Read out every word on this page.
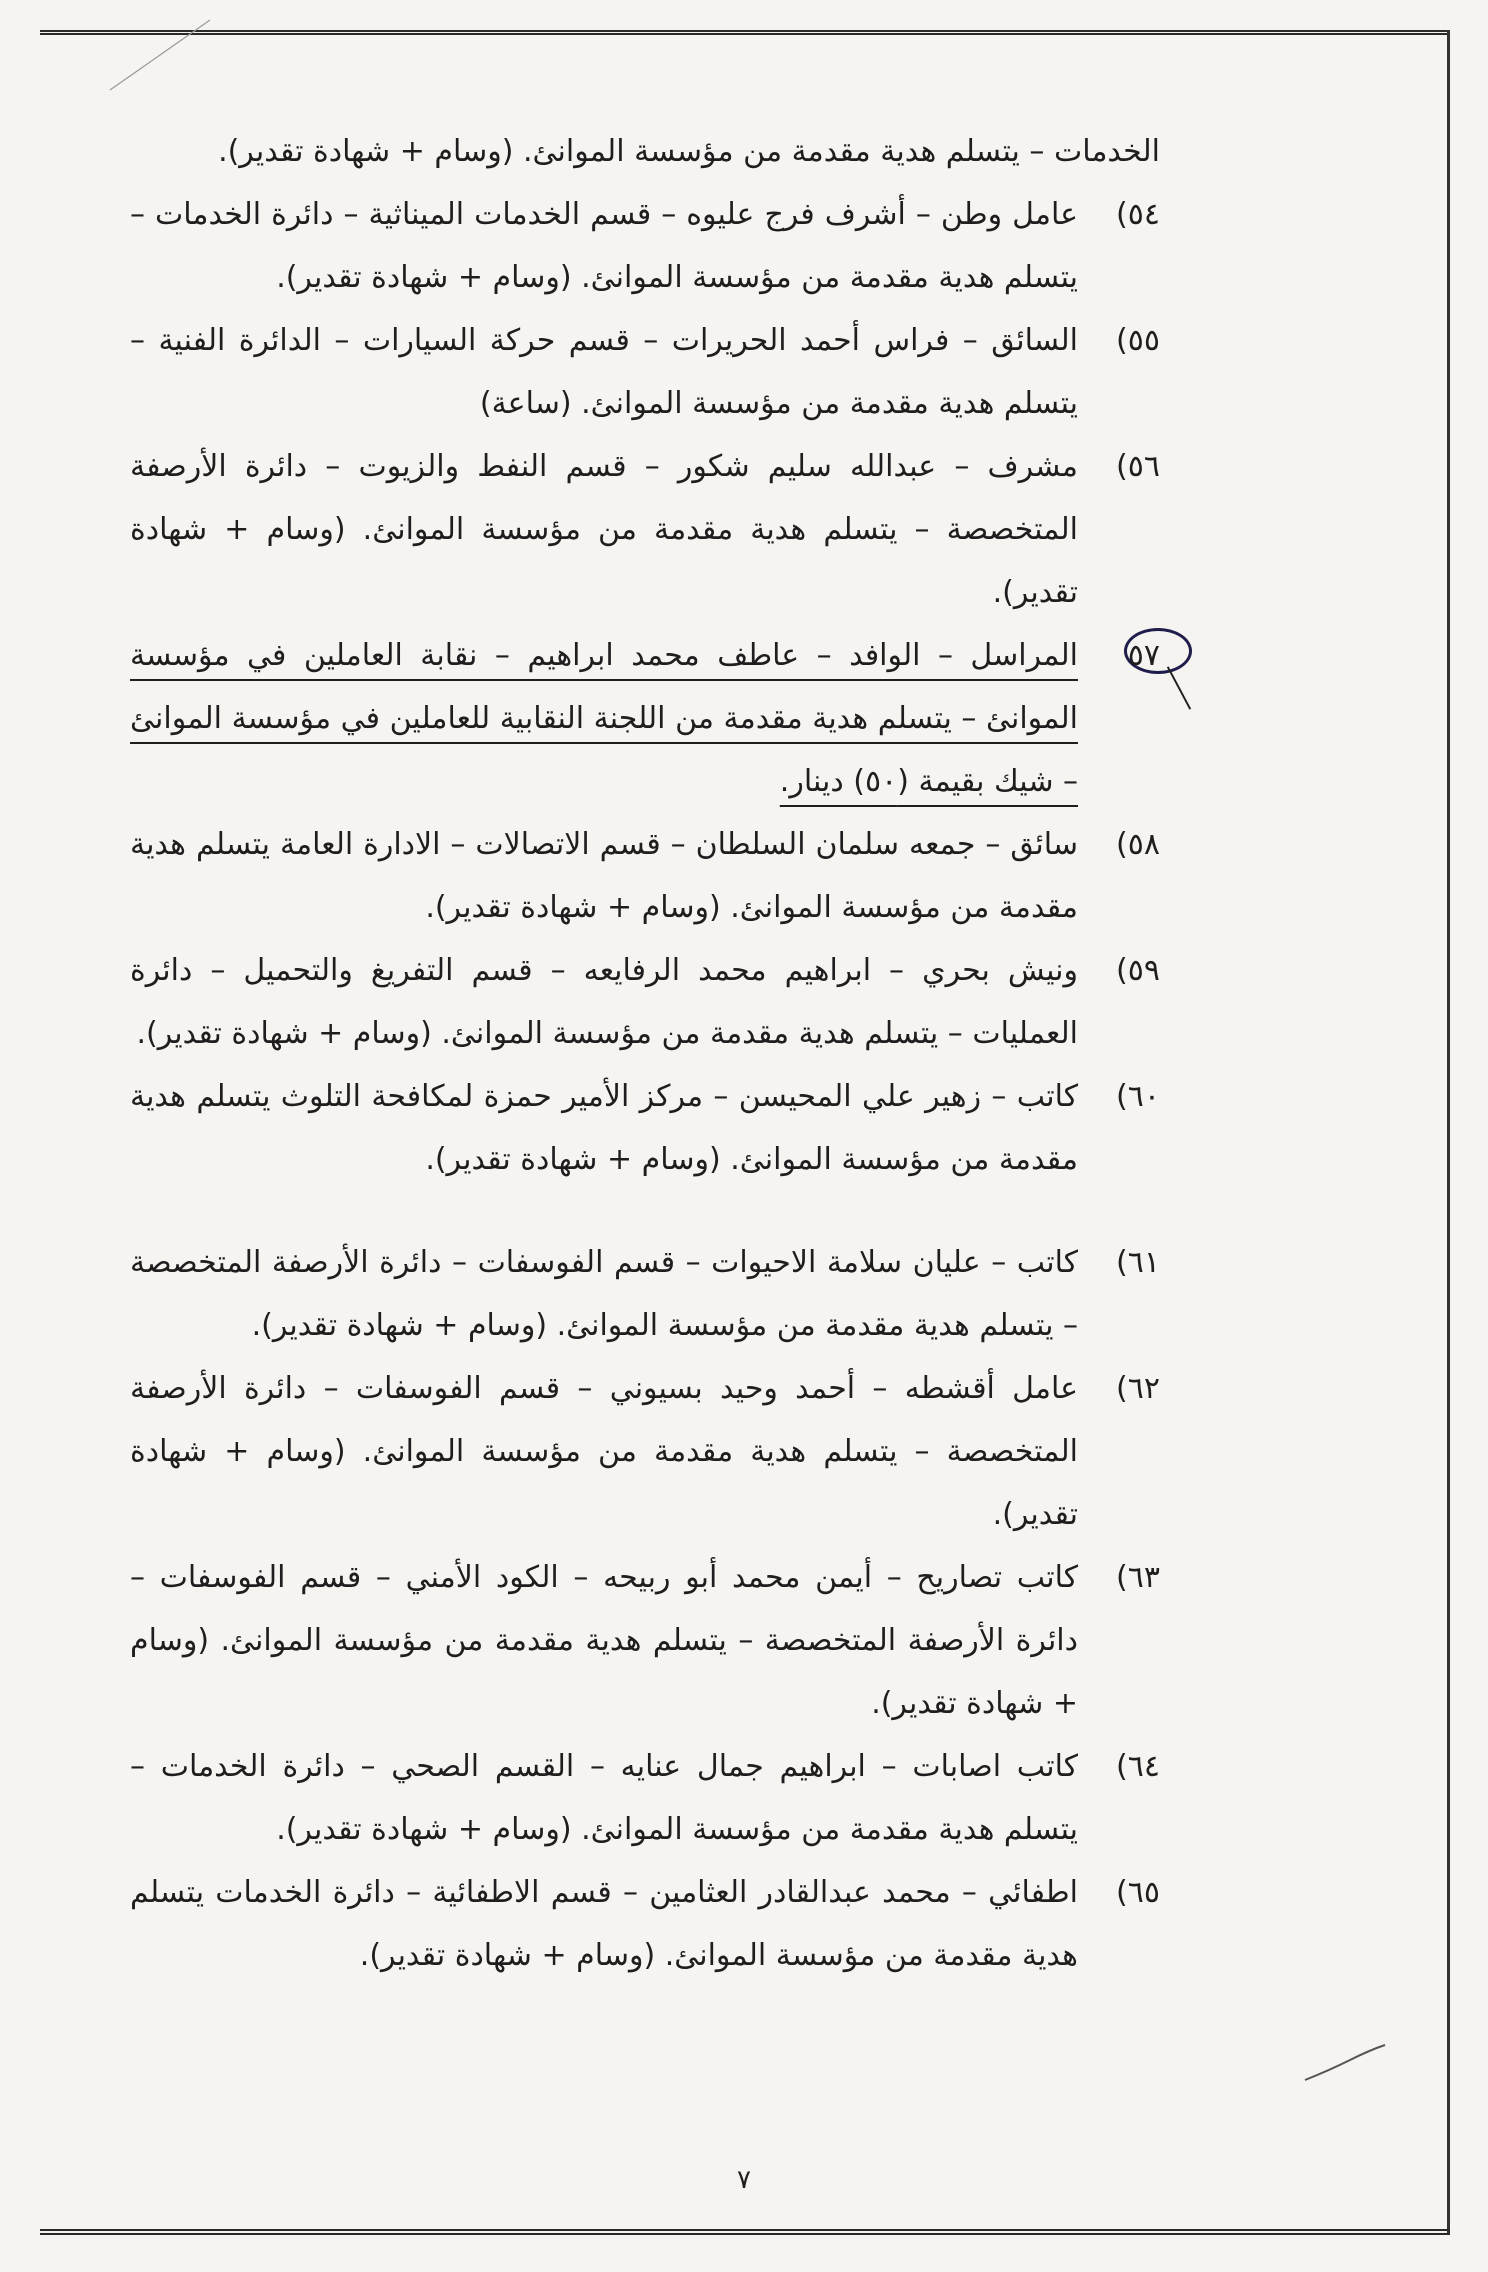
الخدمات – يتسلم هدية مقدمة من مؤسسة الموانئ. (وسام + شهادة تقدير).
٥٤)
عامل وطن – أشرف فرج عليوه – قسم الخدمات الميناثية – دائرة الخدمات – يتسلم هدية مقدمة من مؤسسة الموانئ. (وسام + شهادة تقدير).
٥٥)
السائق – فراس أحمد الحريرات – قسم حركة السيارات – الدائرة الفنية – يتسلم هدية مقدمة من مؤسسة الموانئ. (ساعة)
٥٦)
مشرف – عبدالله سليم شكور – قسم النفط والزيوت – دائرة الأرصفة المتخصصة – يتسلم هدية مقدمة من مؤسسة الموانئ. (وسام + شهادة تقدير).
٥٧
المراسل – الوافد – عاطف محمد ابراهيم – نقابة العاملين في مؤسسة الموانئ – يتسلم هدية مقدمة من اللجنة النقابية للعاملين في مؤسسة الموانئ – شيك بقيمة (٥٠) دينار.
٥٨)
سائق – جمعه سلمان السلطان – قسم الاتصالات – الادارة العامة يتسلم هدية مقدمة من مؤسسة الموانئ. (وسام + شهادة تقدير).
٥٩)
ونيش بحري – ابراهيم محمد الرفايعه – قسم التفريغ والتحميل – دائرة العمليات – يتسلم هدية مقدمة من مؤسسة الموانئ. (وسام + شهادة تقدير).
٦٠)
كاتب – زهير علي المحيسن – مركز الأمير حمزة لمكافحة التلوث يتسلم هدية مقدمة من مؤسسة الموانئ. (وسام + شهادة تقدير).
٦١)
كاتب – عليان سلامة الاحيوات – قسم الفوسفات – دائرة الأرصفة المتخصصة – يتسلم هدية مقدمة من مؤسسة الموانئ. (وسام + شهادة تقدير).
٦٢)
عامل أقشطه – أحمد وحيد بسيوني – قسم الفوسفات – دائرة الأرصفة المتخصصة – يتسلم هدية مقدمة من مؤسسة الموانئ. (وسام + شهادة تقدير).
٦٣)
كاتب تصاريح – أيمن محمد أبو ربيحه – الكود الأمني – قسم الفوسفات – دائرة الأرصفة المتخصصة – يتسلم هدية مقدمة من مؤسسة الموانئ. (وسام + شهادة تقدير).
٦٤)
كاتب اصابات – ابراهيم جمال عنايه – القسم الصحي – دائرة الخدمات – يتسلم هدية مقدمة من مؤسسة الموانئ. (وسام + شهادة تقدير).
٦٥)
اطفائي – محمد عبدالقادر العثامين – قسم الاطفائية – دائرة الخدمات يتسلم هدية مقدمة من مؤسسة الموانئ. (وسام + شهادة تقدير).
٧
